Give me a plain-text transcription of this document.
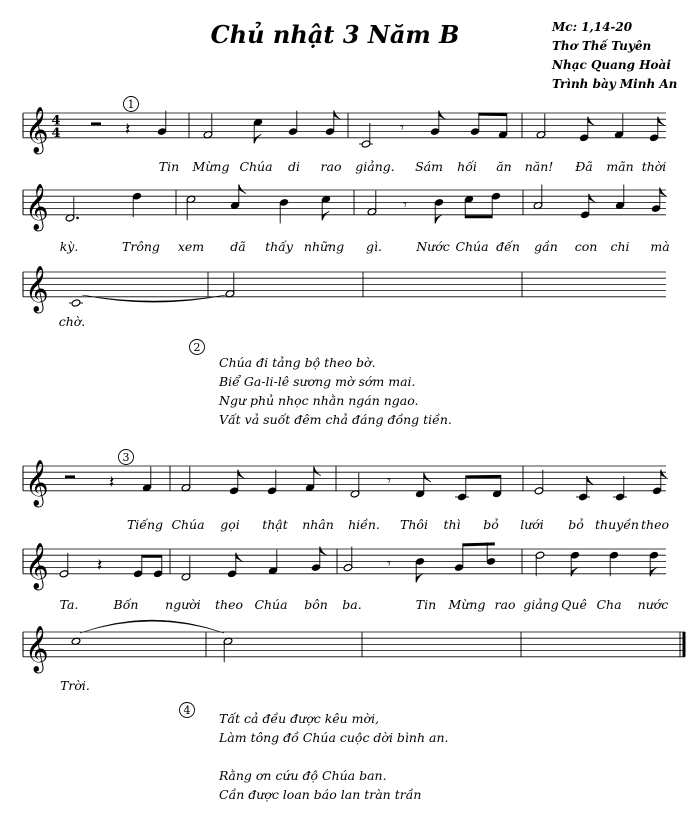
Chủ nhật 3 Năm B	Mc: 1,14-20
Thơ Thế Tuyên
Nhạc Quang Hoài
Trình bày Minh An
𝄞 4
4
1
𝄽	𝄾
Tin Mừng Chúa di rao giảng. Sám hối ăn năn! Đã mãn thời
𝄞	𝄾
kỳ.	Trông xem dã thấy những gì.	Nước Chúa đến gần con chi mà
𝄞
chờ.
2
𝄞
3
𝄽	𝄾
Tiếng Chúa gọi thật nhân hiền. Thôi thì bỏ lưới bỏ thuyền theo
𝄞	𝄽	𝄾
Ta.	Bốn người theo Chúa bôn ba.	Tin Mừng rao giảng Quê Cha nước
𝄞
Trời.
4
Chúa đi tảng bộ theo bờ.
Biể Ga-li-lê sương mờ sớm mai.
Ngư phủ nhọc nhằn ngán ngao.
Vất vả suốt đêm chả đáng đồng tiền.
Tất cả đều được kêu mời,
Làm tông đồ Chúa cuộc dời bình an.
Rằng ơn cứu độ Chúa ban.
Cần được loan báo lan tràn trần
